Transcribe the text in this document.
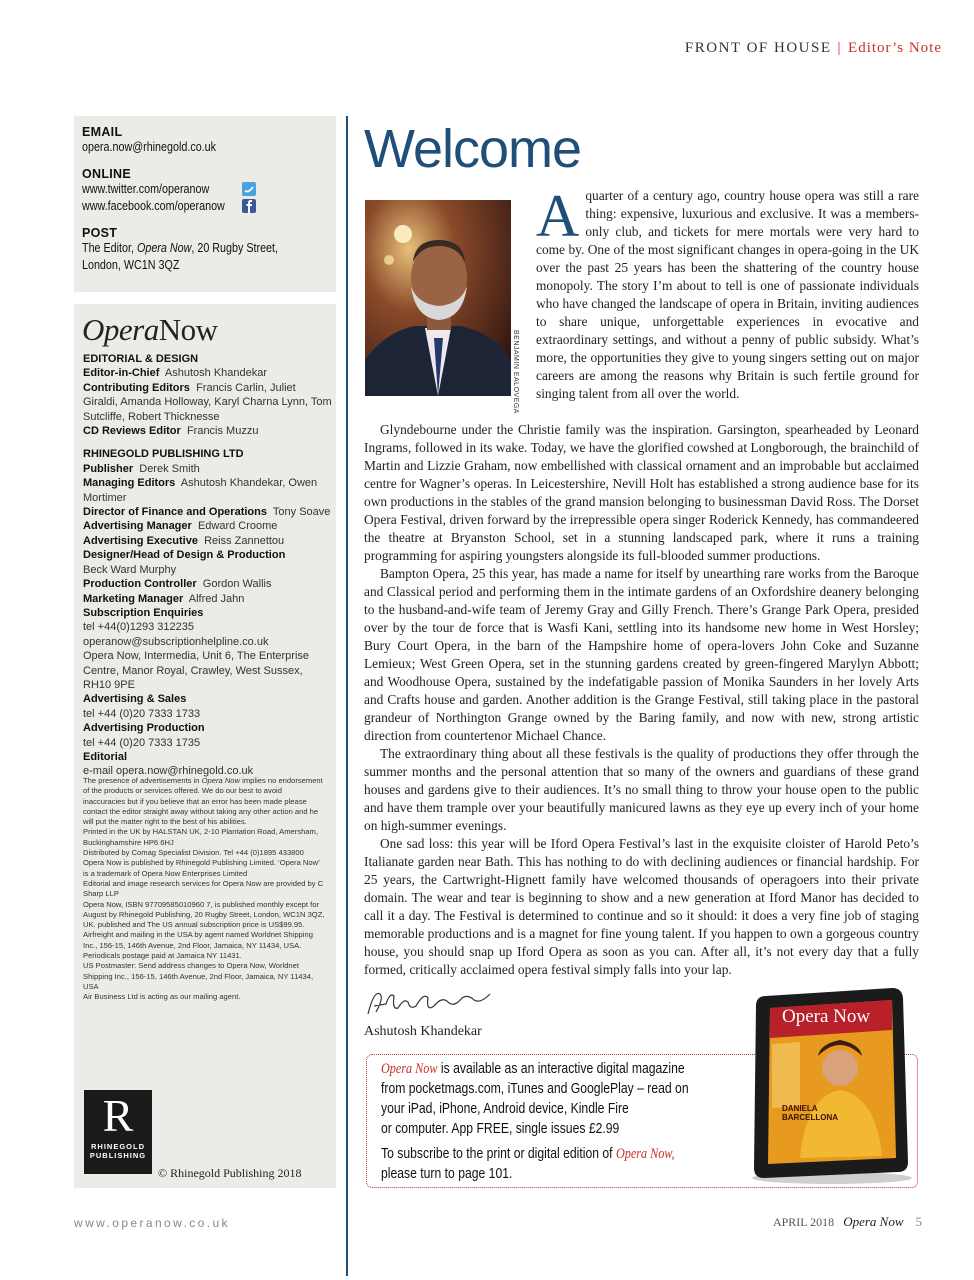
FRONT OF HOUSE | Editor’s Note
EMAIL
opera.now@rhinegold.co.uk
ONLINE
www.twitter.com/operanow
www.facebook.com/operanow
POST
The Editor, Opera Now, 20 Rugby Street,
London, WC1N 3QZ
OperaNow
EDITORIAL & DESIGN
Editor-in-Chief Ashutosh Khandekar
Contributing Editors Francis Carlin, Juliet Giraldi, Amanda Holloway, Karyl Charna Lynn, Tom Sutcliffe, Robert Thicknesse
CD Reviews Editor Francis Muzzu
RHINEGOLD PUBLISHING LTD
Publisher Derek Smith
Managing Editors Ashutosh Khandekar, Owen Mortimer
Director of Finance and Operations Tony Soave
Advertising Manager Edward Croome
Advertising Executive Reiss Zannettou
Designer/Head of Design & Production
Beck Ward Murphy
Production Controller Gordon Wallis
Marketing Manager Alfred Jahn
Subscription Enquiries
tel +44(0)1293 312235
operanow@subscriptionhelpline.co.uk
Opera Now, Intermedia, Unit 6, The Enterprise Centre, Manor Royal, Crawley, West Sussex, RH10 9PE
Advertising & Sales
tel +44 (0)20 7333 1733
Advertising Production
tel +44 (0)20 7333 1735
Editorial
e-mail opera.now@rhinegold.co.uk
The presence of advertisements in Opera Now implies no endorsement of the products or services offered. We do our best to avoid inaccuracies but if you believe that an error has been made please contact the editor straight away without taking any other action and he will put the matter right to the best of his abilities.
Printed in the UK by HALSTAN UK, 2-10 Plantation Road, Amersham, Buckinghamshire HP6 6HJ
Distributed by Comag Specialist Division. Tel +44 (0)1895 433800
Opera Now is published by Rhinegold Publishing Limited. ‘Opera Now’ is a trademark of Opera Now Enterprises Limited
Editorial and image research services for Opera Now are provided by C Sharp LLP
Opera Now, ISBN 97709585010960 7, is published monthly except for August by Rhinegold Publishing, 20 Rugby Street, London, WC1N 3QZ, UK. published and The US annual subscription price is US$99.95. Airfreight and mailing in the USA by agent named Worldnet Shipping Inc., 156-15, 146th Avenue, 2nd Floor, Jamaica, NY 11434, USA. Periodicals postage paid at Jamaica NY 11431.
US Postmaster: Send address changes to Opera Now, Worldnet Shipping Inc., 156-15, 146th Avenue, 2nd Floor, Jamaica, NY 11434, USA
Air Business Ltd is acting as our mailing agent.
R
RHINEGOLD
PUBLISHING
© Rhinegold Publishing 2018
Welcome
BENJAMIN EALOVEGA
Aquarter of a century ago, country house opera was still a rare thing: expensive, luxurious and exclusive. It was a members-only club, and tickets for mere mortals were very hard to come by. One of the most significant changes in opera-going in the UK over the past 25 years has been the shattering of the country house monopoly. The story I’m about to tell is one of passionate individuals who have changed the landscape of opera in Britain, inviting audiences to share unique, unforgettable experiences in evocative and extraordinary settings, and without a penny of public subsidy. What’s more, the opportunities they give to young singers setting out on major careers are among the reasons why Britain is such fertile ground for singing talent from all over the world.
Glyndebourne under the Christie family was the inspiration. Garsington, spearheaded by Leonard Ingrams, followed in its wake. Today, we have the glorified cowshed at Longborough, the brainchild of Martin and Lizzie Graham, now embellished with classical ornament and an improbable but acclaimed centre for Wagner’s operas. In Leicestershire, Nevill Holt has established a strong audience base for its own productions in the stables of the grand mansion belonging to businessman David Ross. The Dorset Opera Festival, driven forward by the irrepressible opera singer Roderick Kennedy, has commandeered the theatre at Bryanston School, set in a stunning landscaped park, where it runs a training programming for aspiring youngsters alongside its full-blooded summer productions.
Bampton Opera, 25 this year, has made a name for itself by unearthing rare works from the Baroque and Classical period and performing them in the intimate gardens of an Oxfordshire deanery belonging to the husband-and-wife team of Jeremy Gray and Gilly French. There’s Grange Park Opera, presided over by the tour de force that is Wasfi Kani, settling into its handsome new home in West Horsley; Bury Court Opera, in the barn of the Hampshire home of opera-lovers John Coke and Suzanne Lemieux; West Green Opera, set in the stunning gardens created by green-fingered Marylyn Abbott; and Woodhouse Opera, sustained by the indefatigable passion of Monika Saunders in her lovely Arts and Crafts house and garden. Another addition is the Grange Festival, still taking place in the pastoral grandeur of Northington Grange owned by the Baring family, and now with new, strong artistic direction from countertenor Michael Chance.
The extraordinary thing about all these festivals is the quality of productions they offer through the summer months and the personal attention that so many of the owners and guardians of these grand houses and gardens give to their audiences. It’s no small thing to throw your house open to the public and have them trample over your beautifully manicured lawns as they eye up every inch of your home on high-summer evenings.
One sad loss: this year will be Iford Opera Festival’s last in the exquisite cloister of Harold Peto’s Italianate garden near Bath. This has nothing to do with declining audiences or financial hardship. For 25 years, the Cartwright-Hignett family have welcomed thousands of operagoers into their private domain. The wear and tear is beginning to show and a new generation at Iford Manor has decided to call it a day. The Festival is determined to continue and so it should: it does a very fine job of staging memorable productions and is a magnet for fine young talent. If you happen to own a gorgeous country house, you should snap up Iford Opera as soon as you can. After all, it’s not every day that a fully formed, critically acclaimed opera festival simply falls into your lap.
Ashutosh Khandekar
Opera Now is available as an interactive digital magazine
from pocketmags.com, iTunes and GooglePlay – read on
your iPad, iPhone, Android device, Kindle Fire
or computer. App FREE, single issues £2.99
To subscribe to the print or digital edition of Opera Now,
please turn to page 101.
Opera Now
DANIELA BARCELLONA
www.operanow.co.uk	APRIL 2018 Opera Now 5
